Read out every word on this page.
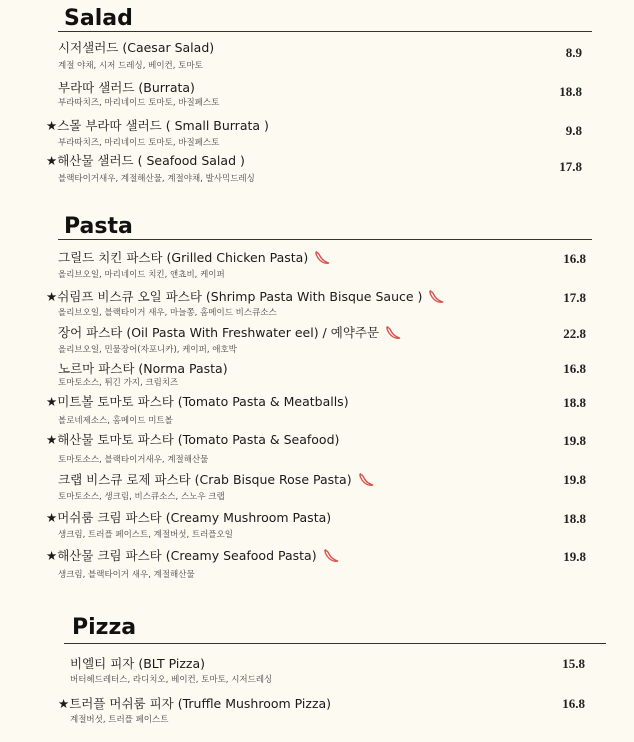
Salad
시저샐러드 (Caesar Salad)
계절 야채, 시저 드레싱, 베이컨, 토마토
8.9
부라따 샐러드 (Burrata)
부라따치즈, 마리네이드 토마토, 바질페스토
18.8
★스몰 부라따 샐러드 ( Small Burrata )
부라따치즈, 마리네이드 토마토, 바질페스토
9.8
★해산물 샐러드 ( Seafood Salad )
블랙타이거새우, 계절해산물, 계절야채, 발사믹드레싱
17.8
Pasta
그릴드 치킨 파스타 (Grilled Chicken Pasta)
올리브오일, 마리네이드 치킨, 앤쵸비, 케이퍼
16.8
★쉬림프 비스큐 오일 파스타 (Shrimp Pasta With Bisque Sauce )
올리브오일, 블랙타이거 새우, 마늘쫑, 홈메이드 비스큐소스
17.8
장어 파스타 (Oil Pasta With Freshwater eel) / 예약주문
올리브오일, 민물장어(자포니카), 케이퍼, 애호박
22.8
노르마 파스타 (Norma Pasta)
토마토소스, 튀긴 가지, 크림치즈
16.8
★미트볼 토마토 파스타 (Tomato Pasta & Meatballs)
볼로네제소스, 홈메이드 미트볼
18.8
★해산물 토마토 파스타 (Tomato Pasta & Seafood)
토마토소스, 블랙타이거새우, 계절해산물
19.8
크랩 비스큐 로제 파스타 (Crab Bisque Rose Pasta)
토마토소스, 생크림, 비스큐소스, 스노우 크랩
19.8
★머쉬룸 크림 파스타 (Creamy Mushroom Pasta)
생크림, 트러플 페이스트, 계절버섯, 트러플오일
18.8
★해산물 크림 파스타 (Creamy Seafood Pasta)
생크림, 블랙타이거 새우, 계절해산물
19.8
Pizza
비엘티 피자 (BLT Pizza)
버터헤드레터스, 라디치오, 베이컨, 토마토, 시저드레싱
15.8
★트러플 머쉬룸 피자 (Truffle Mushroom Pizza)
계절버섯, 트러플 페이스트
16.8
